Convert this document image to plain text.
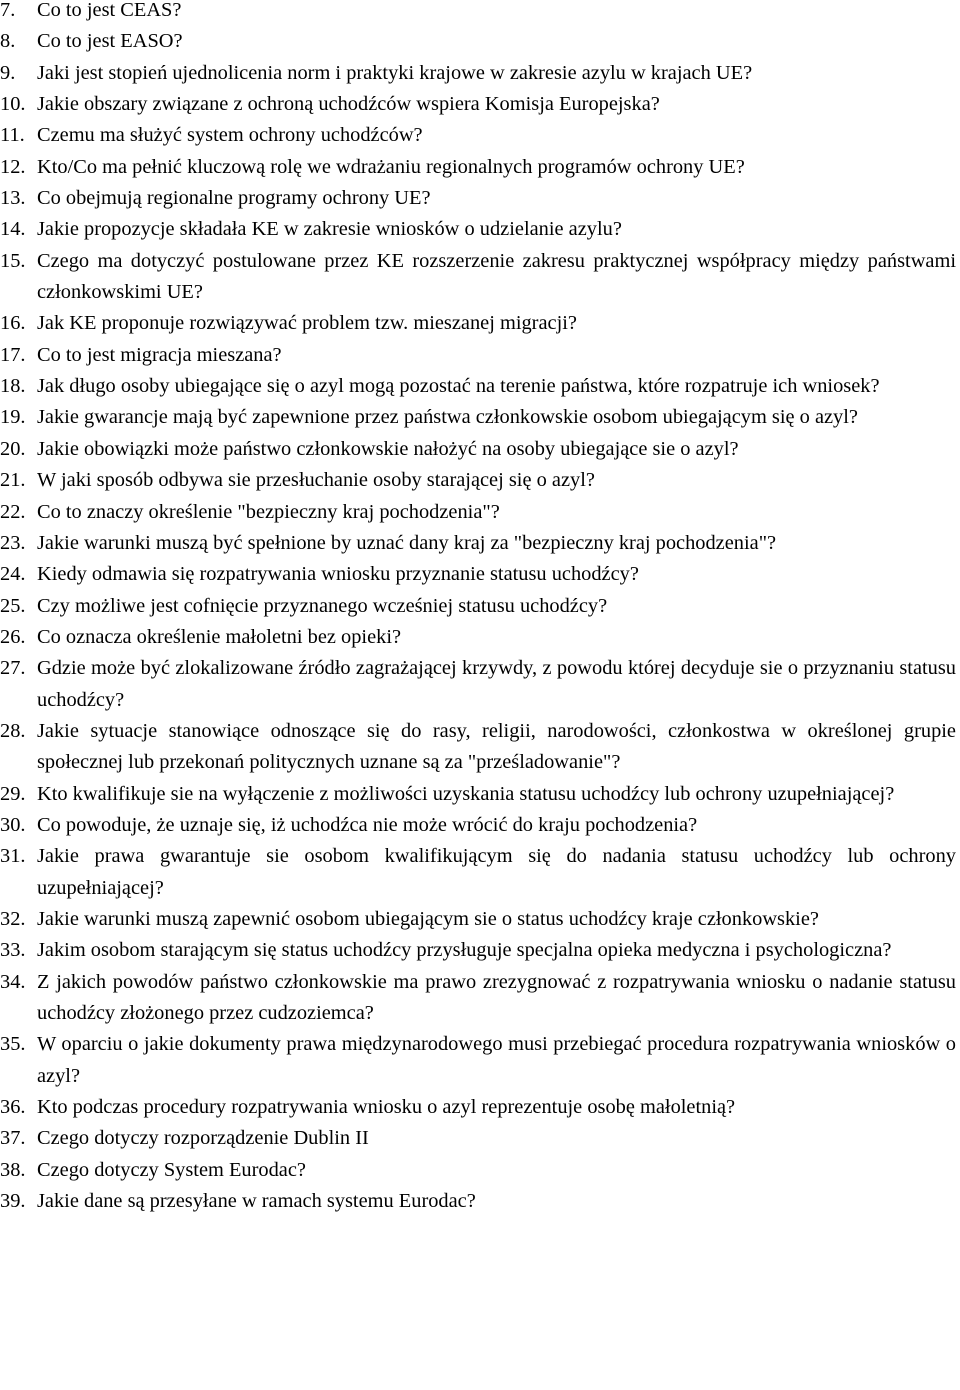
7.	Co to jest CEAS?
8.	Co to jest EASO?
9.	Jaki jest stopień ujednolicenia norm i praktyki krajowe w zakresie azylu w krajach UE?
10. Jakie obszary związane z ochroną uchodźców wspiera Komisja Europejska?
11. Czemu ma służyć system ochrony uchodźców?
12. Kto/Co ma pełnić kluczową rolę we wdrażaniu regionalnych programów ochrony UE?
13. Co obejmują regionalne programy ochrony UE?
14. Jakie propozycje składała KE w zakresie wniosków o udzielanie azylu?
15. Czego ma dotyczyć postulowane przez KE rozszerzenie zakresu praktycznej współpracy między państwami członkowskimi UE?
16. Jak KE proponuje rozwiązywać problem tzw. mieszanej migracji?
17. Co to jest migracja mieszana?
18. Jak długo osoby ubiegające się o azyl mogą pozostać na terenie państwa, które rozpatruje ich wniosek?
19. Jakie gwarancje mają być zapewnione przez państwa członkowskie osobom ubiegającym się o azyl?
20. Jakie obowiązki może państwo członkowskie nałożyć na osoby ubiegające sie o azyl?
21. W jaki sposób odbywa sie przesłuchanie osoby starającej się o azyl?
22. Co to znaczy określenie "bezpieczny kraj pochodzenia"?
23. Jakie warunki muszą być spełnione by uznać dany kraj za "bezpieczny kraj pochodzenia"?
24. Kiedy odmawia się rozpatrywania wniosku przyznanie statusu uchodźcy?
25. Czy możliwe jest cofnięcie przyznanego wcześniej statusu uchodźcy?
26. Co oznacza określenie małoletni bez opieki?
27. Gdzie może być zlokalizowane źródło zagrażającej krzywdy, z powodu której decyduje sie o przyznaniu statusu uchodźcy?
28. Jakie sytuacje stanowiące odnoszące się do rasy, religii, narodowości, członkostwa w określonej grupie społecznej lub przekonań politycznych uznane są za "prześladowanie"?
29. Kto kwalifikuje sie na wyłączenie z możliwości uzyskania statusu uchodźcy lub ochrony uzupełniającej?
30. Co powoduje, że uznaje się, iż uchodźca nie może wrócić do kraju pochodzenia?
31. Jakie prawa gwarantuje sie osobom kwalifikującym się do nadania statusu uchodźcy lub ochrony uzupełniającej?
32. Jakie warunki muszą zapewnić osobom ubiegającym sie o status uchodźcy kraje członkowskie?
33. Jakim osobom starającym się status uchodźcy przysługuje specjalna opieka medyczna i psychologiczna?
34. Z jakich powodów państwo członkowskie ma prawo zrezygnować z rozpatrywania wniosku o nadanie statusu uchodźcy złożonego przez cudzoziemca?
35. W oparciu o jakie dokumenty prawa międzynarodowego musi przebiegać procedura rozpatrywania wniosków o azyl?
36. Kto podczas procedury rozpatrywania wniosku o azyl reprezentuje osobę małoletnią?
37. Czego dotyczy rozporządzenie Dublin II
38. Czego dotyczy System Eurodac?
39. Jakie dane są przesyłane w ramach systemu Eurodac?
